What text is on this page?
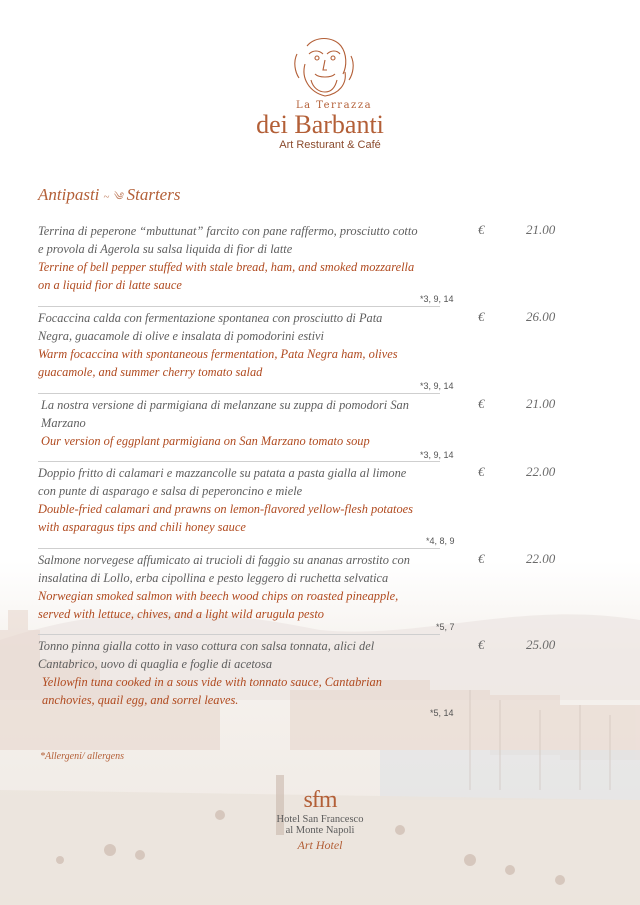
La Terrazza
dei Barbanti
Art Resturant & Café
Antipasti ~ ༄ Starters
Terrina di peperone “mbuttunat” farcito con pane raffermo, prosciutto cotto e provola di Agerola su salsa liquida di fior di latte
Terrine of bell pepper stuffed with stale bread, ham, and smoked mozzarella on a liquid fior di latte sauce
€	21.00
*3, 9, 14
Focaccina calda con fermentazione spontanea con prosciutto di Pata Negra, guacamole di olive e insalata di pomodorini estivi
Warm focaccina with spontaneous fermentation, Pata Negra ham, olives guacamole, and summer cherry tomato salad
€	26.00
*3, 9, 14
La nostra versione di parmigiana di melanzane su zuppa di pomodori San Marzano
Our version of eggplant parmigiana on San Marzano tomato soup
€	21.00
*3, 9, 14
Doppio fritto di calamari e mazzancolle su patata a pasta gialla al limone con punte di asparago e salsa di peperoncino e miele
Double-fried calamari and prawns on lemon-flavored yellow-flesh potatoes with asparagus tips and chili honey sauce
€	22.00
*4, 8, 9
Salmone norvegese affumicato ai trucioli di faggio su ananas arrostito con insalatina di Lollo, erba cipollina e pesto leggero di ruchetta selvatica
Norwegian smoked salmon with beech wood chips on roasted pineapple, served with lettuce, chives, and a light wild arugula pesto
€	22.00
*5, 7
Tonno pinna gialla cotto in vaso cottura con salsa tonnata, alici del Cantabrico, uovo di quaglia e foglie di acetosa
Yellowfin tuna cooked in a sous vide with tonnato sauce, Cantabrian anchovies, quail egg, and sorrel leaves.
€	25.00
*5, 14
*Allergeni/ allergens
sfm
Hotel San Francesco
al Monte Napoli
Art Hotel
